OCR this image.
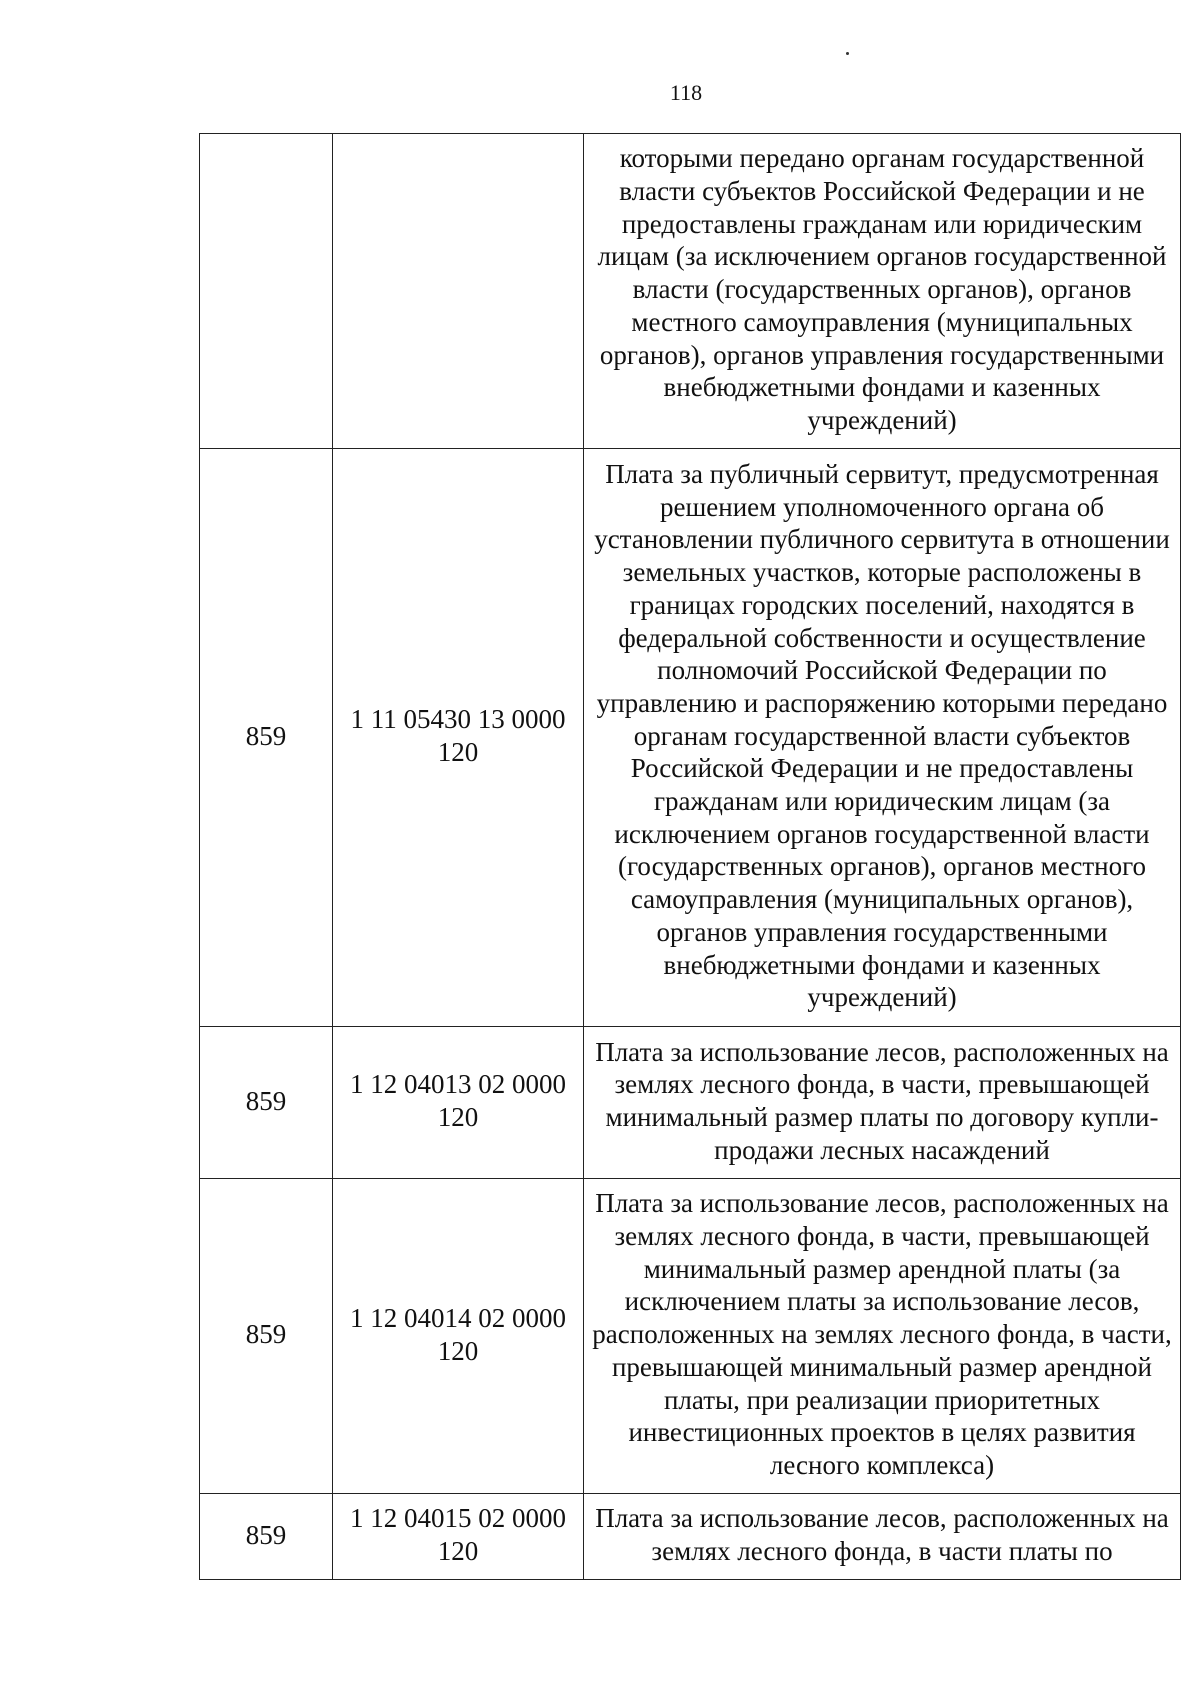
118
		которыми передано органам государственной власти субъектов Российской Федерации и не предоставлены гражданам или юридическим лицам (за исключением органов государственной власти (государственных органов), органов местного самоуправления (муниципальных органов), органов управления государственными внебюджетными фондами и казенных учреждений)
859	1 11 05430 13 0000 120	Плата за публичный сервитут, предусмотренная решением уполномоченного органа об установлении публичного сервитута в отношении земельных участков, которые расположены в границах городских поселений, находятся в федеральной собственности и осуществление полномочий Российской Федерации по управлению и распоряжению которыми передано органам государственной власти субъектов Российской Федерации и не предоставлены гражданам или юридическим лицам (за исключением органов государственной власти (государственных органов), органов местного самоуправления (муниципальных органов), органов управления государственными внебюджетными фондами и казенных учреждений)
859	1 12 04013 02 0000 120	Плата за использование лесов, расположенных на землях лесного фонда, в части, превышающей минимальный размер платы по договору купли-продажи лесных насаждений
859	1 12 04014 02 0000 120	Плата за использование лесов, расположенных на землях лесного фонда, в части, превышающей минимальный размер арендной платы (за исключением платы за использование лесов, расположенных на землях лесного фонда, в части, превышающей минимальный размер арендной платы, при реализации приоритетных инвестиционных проектов в целях развития лесного комплекса)
859	1 12 04015 02 0000 120	Плата за использование лесов, расположенных на землях лесного фонда, в части платы по
